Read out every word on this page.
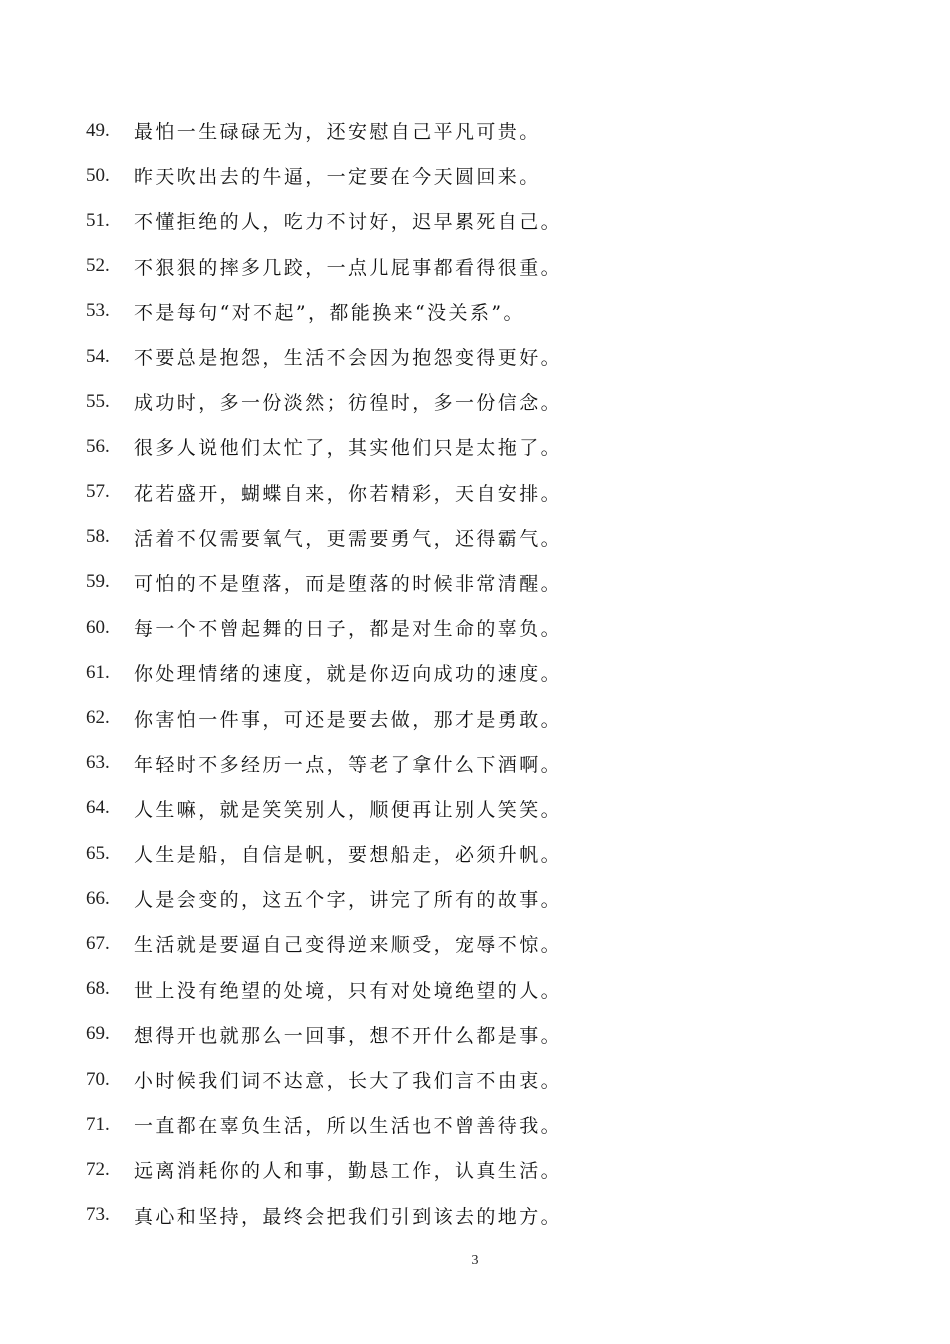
49.	最怕一生碌碌无为，还安慰自己平凡可贵。
50.	昨天吹出去的牛逼，一定要在今天圆回来。
51.	不懂拒绝的人，吃力不讨好，迟早累死自己。
52.	不狠狠的摔多几跤，一点儿屁事都看得很重。
53.	不是每句“对不起”，都能换来“没关系”。
54.	不要总是抱怨，生活不会因为抱怨变得更好。
55.	成功时，多一份淡然；彷徨时，多一份信念。
56.	很多人说他们太忙了，其实他们只是太拖了。
57.	花若盛开，蝴蝶自来，你若精彩，天自安排。
58.	活着不仅需要氧气，更需要勇气，还得霸气。
59.	可怕的不是堕落，而是堕落的时候非常清醒。
60.	每一个不曾起舞的日子，都是对生命的辜负。
61.	你处理情绪的速度，就是你迈向成功的速度。
62.	你害怕一件事，可还是要去做，那才是勇敢。
63.	年轻时不多经历一点，等老了拿什么下酒啊。
64.	人生嘛，就是笑笑别人，顺便再让别人笑笑。
65.	人生是船，自信是帆，要想船走，必须升帆。
66.	人是会变的，这五个字，讲完了所有的故事。
67.	生活就是要逼自己变得逆来顺受，宠辱不惊。
68.	世上没有绝望的处境，只有对处境绝望的人。
69.	想得开也就那么一回事，想不开什么都是事。
70.	小时候我们词不达意，长大了我们言不由衷。
71.	一直都在辜负生活，所以生活也不曾善待我。
72.	远离消耗你的人和事，勤恳工作，认真生活。
73.	真心和坚持，最终会把我们引到该去的地方。
3
